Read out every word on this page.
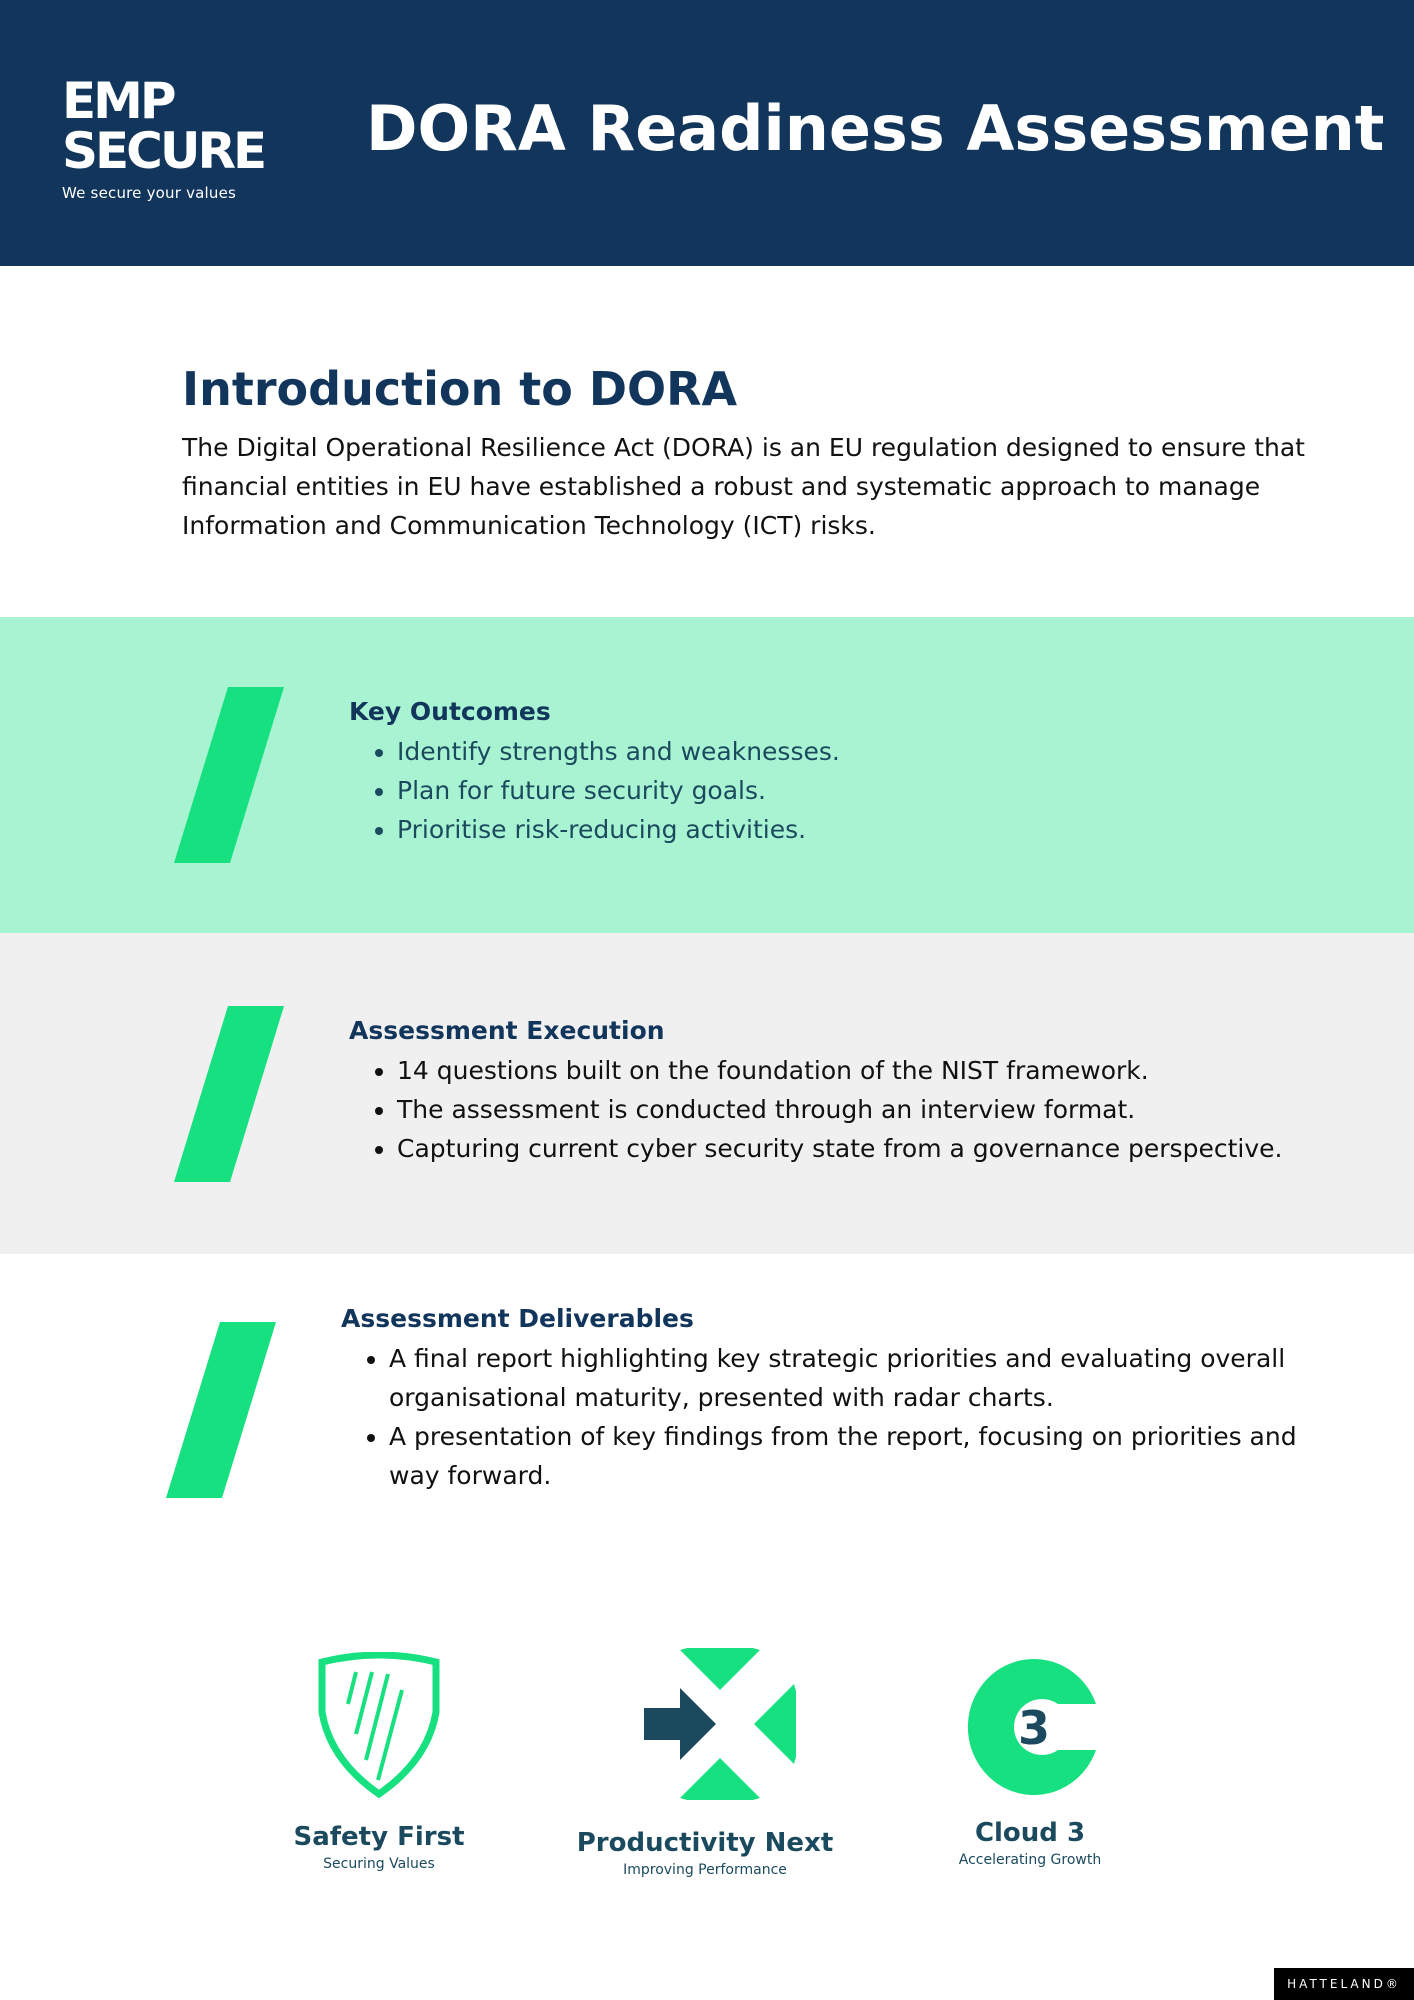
EMP
SECURE
We secure your values
DORA Readiness Assessment
Introduction to DORA

The Digital Operational Resilience Act (DORA) is an EU regulation designed to ensure that financial entities in EU have established a robust and systematic approach to manage Information and Communication Technology (ICT) risks.

Key Outcomes
• Identify strengths and weaknesses.
• Plan for future security goals.
• Prioritise risk-reducing activities.
Assessment Execution
• 14 questions built on the foundation of the NIST framework.
• The assessment is conducted through an interview format.
• Capturing current cyber security state from a governance perspective.
Assessment Deliverables
• A final report highlighting key strategic priorities and evaluating overall organisational maturity, presented with radar charts.
• A presentation of key findings from the report, focusing on priorities and way forward.
Safety First
Securing Values
Productivity Next
Improving Performance
3
Cloud 3
Accelerating Growth
HATTELAND®
